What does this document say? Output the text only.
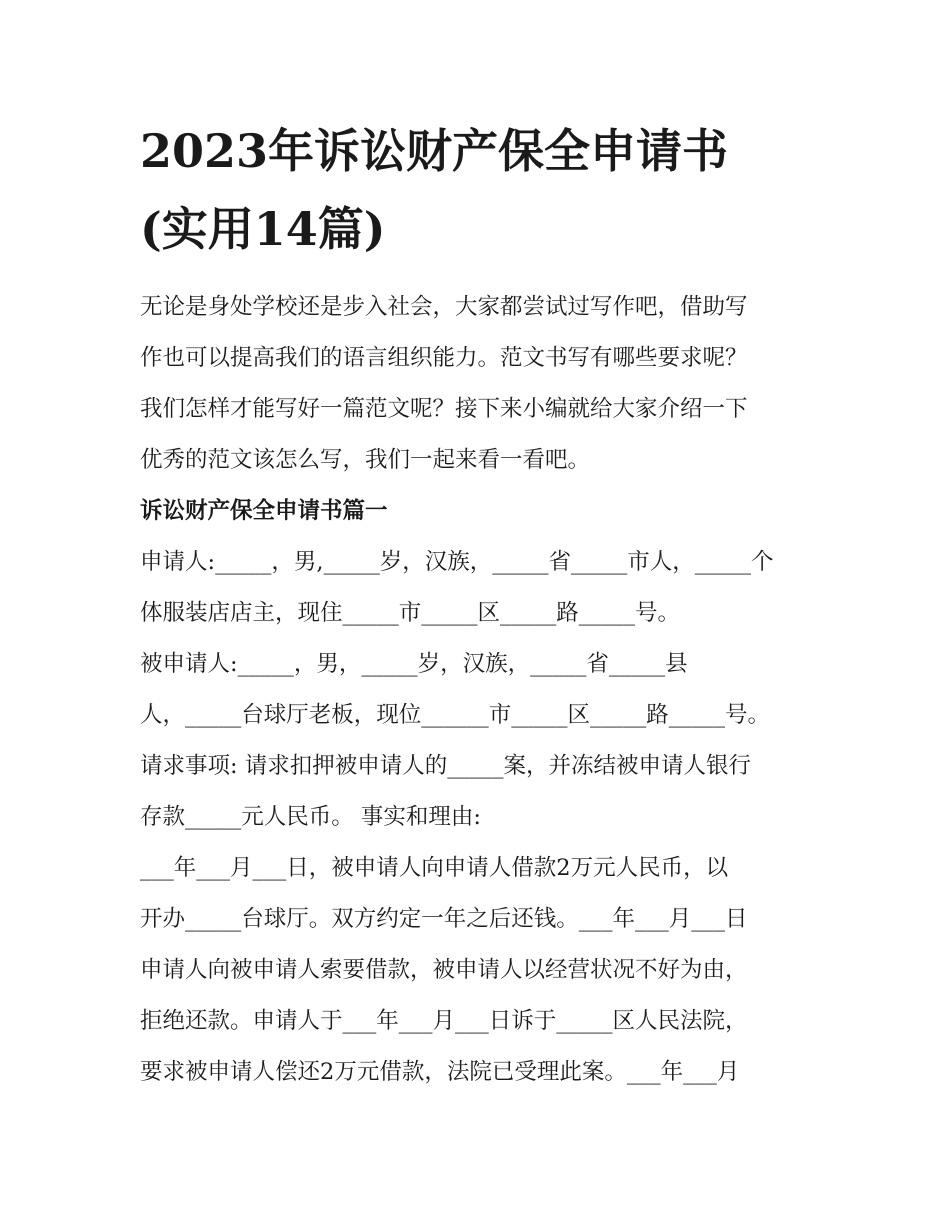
2023年诉讼财产保全申请书
(实用14篇)
无论是身处学校还是步入社会，大家都尝试过写作吧，借助写
作也可以提高我们的语言组织能力。范文书写有哪些要求呢？
我们怎样才能写好一篇范文呢？接下来小编就给大家介绍一下
优秀的范文该怎么写，我们一起来看一看吧。
诉讼财产保全申请书篇一
申请人:_____，男,_____岁，汉族，_____省_____市人，_____个
体服装店店主，现住_____市_____区_____路_____号。
被申请人:_____，男，_____岁，汉族，_____省_____县
人，_____台球厅老板，现位______市_____区_____路_____号。
请求事项: 请求扣押被申请人的_____案，并冻结被申请人银行
存款_____元人民币。 事实和理由:
___年___月___日，被申请人向申请人借款2万元人民币，以
开办_____台球厅。双方约定一年之后还钱。___年___月___日
申请人向被申请人索要借款，被申请人以经营状况不好为由，
拒绝还款。申请人于___年___月___日诉于_____区人民法院，
要求被申请人偿还2万元借款，法院已受理此案。___年___月
